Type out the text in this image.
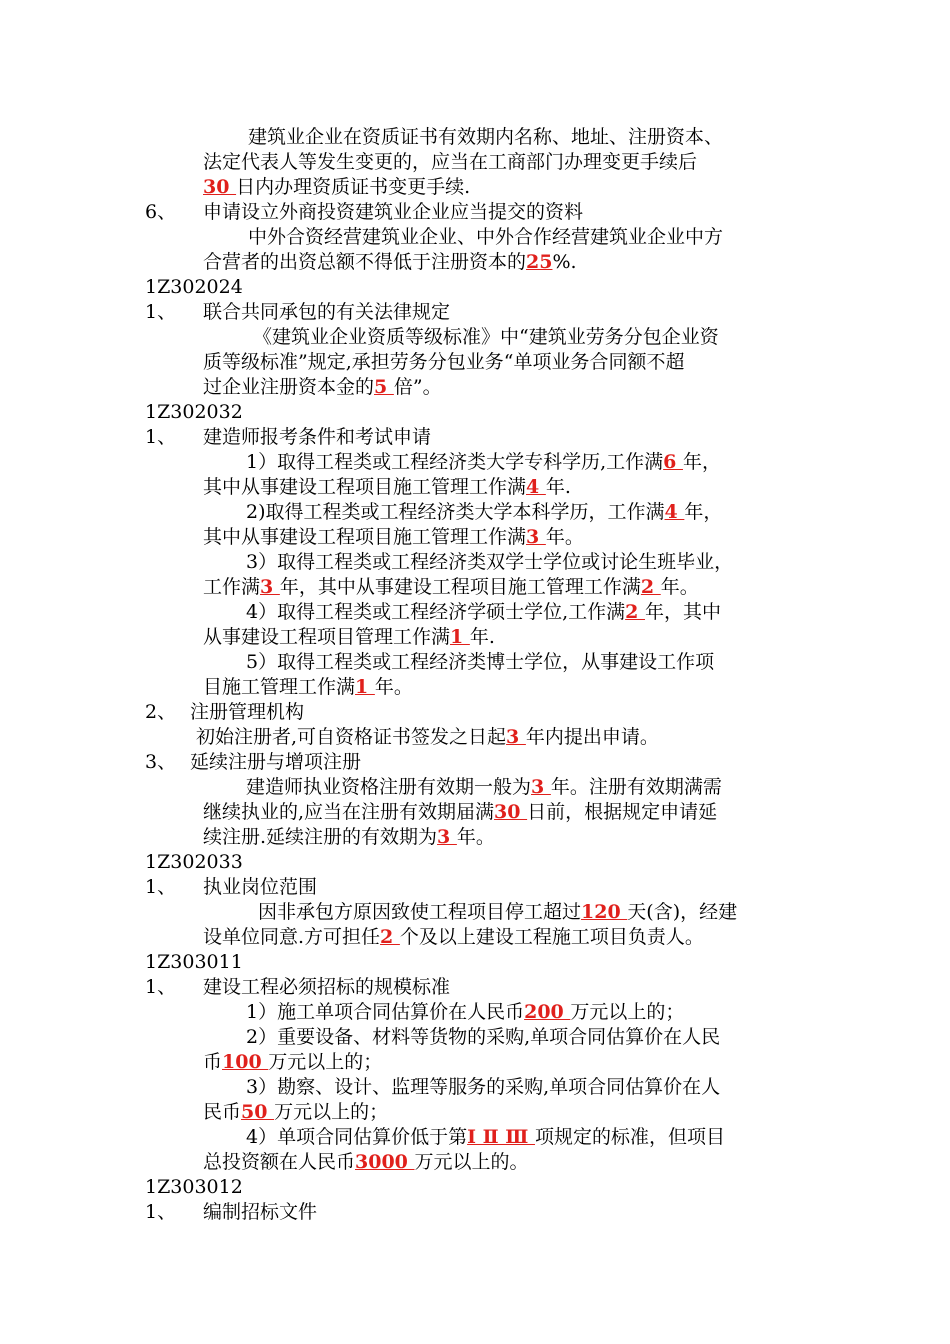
建筑业企业在资质证书有效期内名称、地址、注册资本、
法定代表人等发生变更的，应当在工商部门办理变更手续后
30 日内办理资质证书变更手续.
6、 申请设立外商投资建筑业企业应当提交的资料
中外合资经营建筑业企业、中外合作经营建筑业企业中方
合营者的出资总额不得低于注册资本的25%.
1Z302024
1、 联合共同承包的有关法律规定
《建筑业企业资质等级标准》中“建筑业劳务分包企业资
质等级标准”规定,承担劳务分包业务“单项业务合同额不超
过企业注册资本金的5 倍”。
1Z302032
1、 建造师报考条件和考试申请
1）取得工程类或工程经济类大学专科学历,工作满6 年，
其中从事建设工程项目施工管理工作满4 年.
2)取得工程类或工程经济类大学本科学历，工作满4 年，
其中从事建设工程项目施工管理工作满3 年。
3）取得工程类或工程经济类双学士学位或讨论生班毕业，
工作满3 年，其中从事建设工程项目施工管理工作满2 年。
4）取得工程类或工程经济学硕士学位,工作满2 年，其中
从事建设工程项目管理工作满1 年.
5）取得工程类或工程经济类博士学位，从事建设工作项
目施工管理工作满1 年。
2、 注册管理机构
初始注册者,可自资格证书签发之日起3 年内提出申请。
3、 延续注册与增项注册
建造师执业资格注册有效期一般为3 年。注册有效期满需
继续执业的,应当在注册有效期届满30 日前，根据规定申请延
续注册.延续注册的有效期为3 年。
1Z302033
1、 执业岗位范围
因非承包方原因致使工程项目停工超过120 天(含)，经建
设单位同意.方可担任2 个及以上建设工程施工项目负责人。
1Z303011
1、 建设工程必须招标的规模标准
1）施工单项合同估算价在人民币200 万元以上的；
2）重要设备、材料等货物的采购,单项合同估算价在人民
币100 万元以上的；
3）勘察、设计、监理等服务的采购,单项合同估算价在人
民币50 万元以上的；
4）单项合同估算价低于第I Ⅱ Ⅲ 项规定的标准，但项目
总投资额在人民币3000 万元以上的。
1Z303012
1、 编制招标文件
